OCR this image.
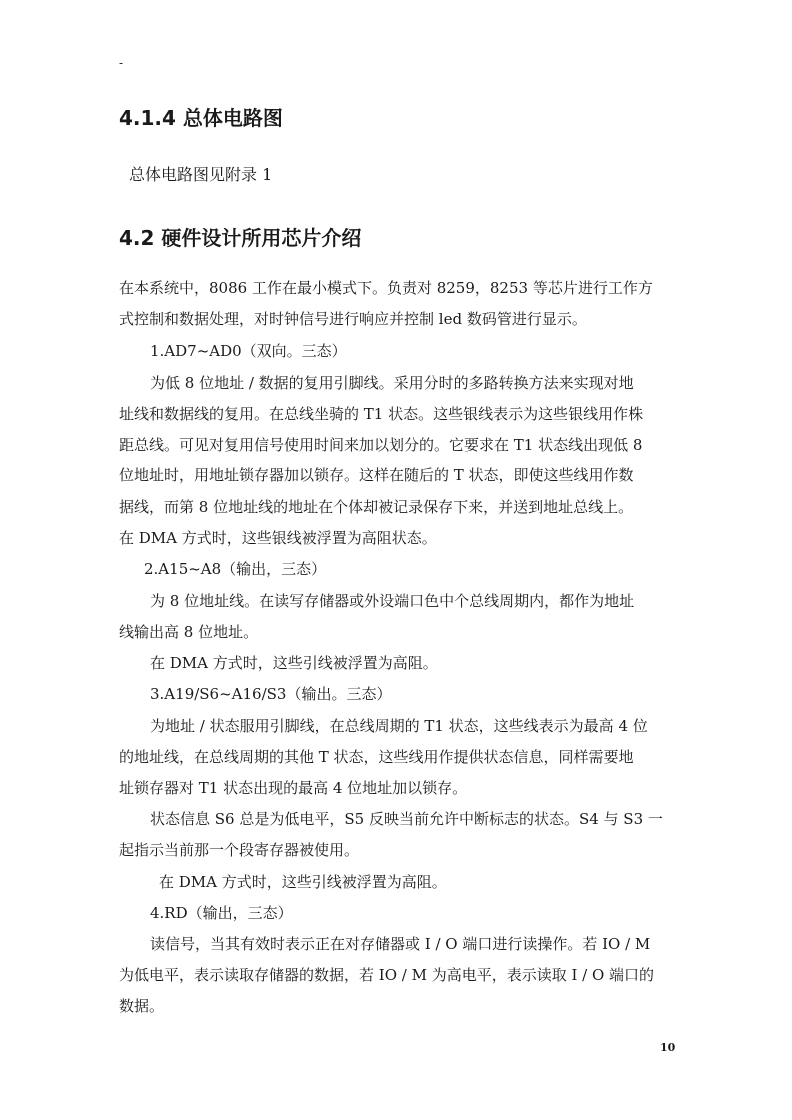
-
4.1.4 总体电路图
总体电路图见附录 1
4.2 硬件设计所用芯片介绍
在本系统中，8086 工作在最小模式下。负责对 8259，8253 等芯片进行工作方
式控制和数据处理，对时钟信号进行响应并控制 led 数码管进行显示。
1.AD7~AD0（双向。三态）
为低 8 位地址 / 数据的复用引脚线。采用分时的多路转换方法来实现对地
址线和数据线的复用。在总线坐骑的 T1 状态。这些银线表示为这些银线用作株
距总线。可见对复用信号使用时间来加以划分的。它要求在 T1 状态线出现低 8
位地址时，用地址锁存器加以锁存。这样在随后的 T 状态，即使这些线用作数
据线，而第 8 位地址线的地址在个体却被记录保存下来，并送到地址总线上。
在 DMA 方式时，这些银线被浮置为高阻状态。
2.A15~A8（输出，三态）
为 8 位地址线。在读写存储器或外设端口色中个总线周期内，都作为地址
线输出高 8 位地址。
在 DMA 方式时，这些引线被浮置为高阻。
3.A19/S6~A16/S3（输出。三态）
为地址 / 状态服用引脚线，在总线周期的 T1 状态，这些线表示为最高 4 位
的地址线，在总线周期的其他 T 状态，这些线用作提供状态信息，同样需要地
址锁存器对 T1 状态出现的最高 4 位地址加以锁存。
状态信息 S6 总是为低电平，S5 反映当前允许中断标志的状态。S4 与 S3 一
起指示当前那一个段寄存器被使用。
在 DMA 方式时，这些引线被浮置为高阻。
4.RD（输出，三态）
读信号，当其有效时表示正在对存储器或 I / O 端口进行读操作。若 IO / M
为低电平，表示读取存储器的数据，若 IO / M 为高电平，表示读取 I / O 端口的
数据。
10
